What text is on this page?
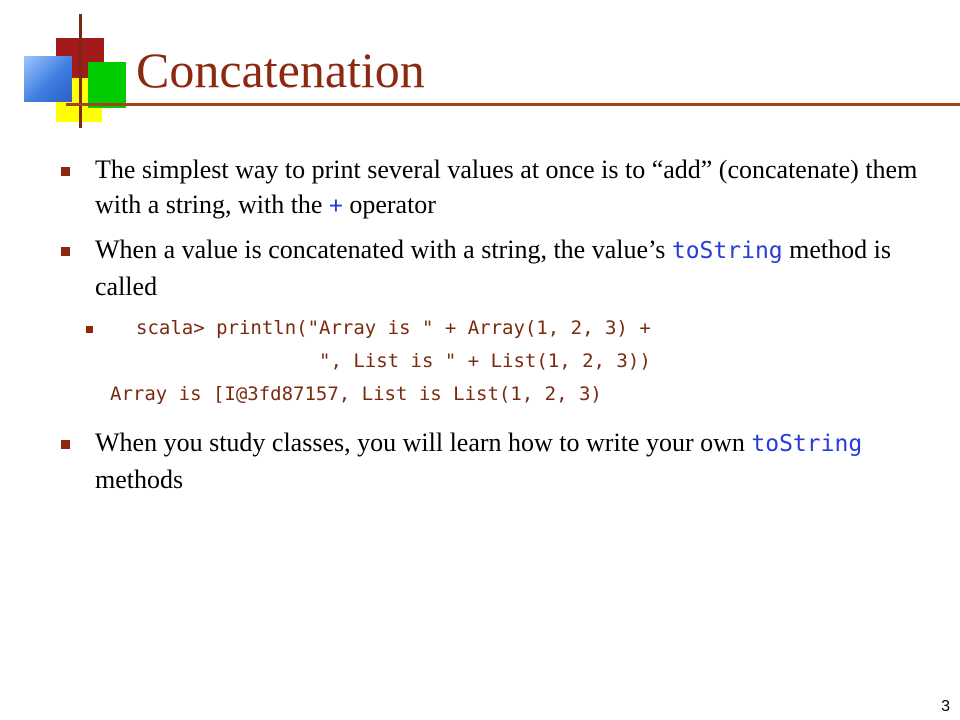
Concatenation
The simplest way to print several values at once is to “add” (concatenate) them with a string, with the + operator
When a value is concatenated with a string, the value’s toString method is called
scala> println("Array is " + Array(1, 2, 3) +
", List is " + List(1, 2, 3))
Array is [I@3fd87157, List is List(1, 2, 3)
When you study classes, you will learn how to write your own toString methods
3
